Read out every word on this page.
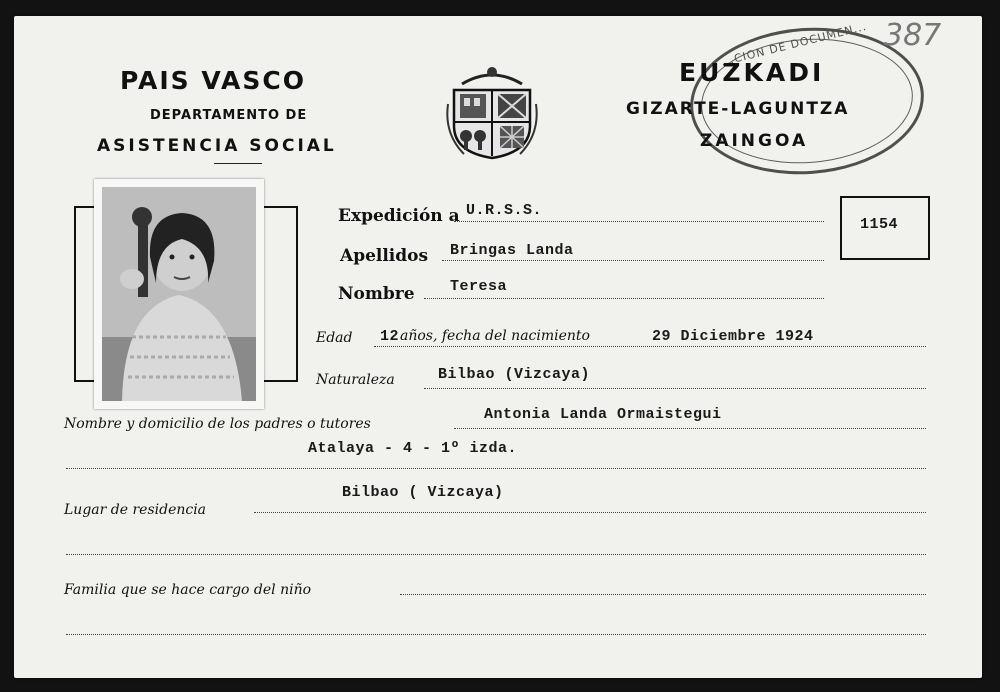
PAIS VASCO
DEPARTAMENTO DE
ASISTENCIA SOCIAL
...CION DE DOCUMEN...
EUZKADI
GIZARTE-LAGUNTZA
ZAINGOA
387
1154
Expedición a U.R.S.S.
Apellidos Bringas Landa
Nombre Teresa
Edad 12 años, fecha del nacimiento	29 Diciembre 1924
Naturaleza	Bilbao (Vizcaya)
Nombre y domicilio de los padres o tutores
Antonia Landa Ormaistegui
Atalaya - 4 - 1º izda.
Bilbao ( Vizcaya)
Lugar de residencia
Familia que se hace cargo del niño
